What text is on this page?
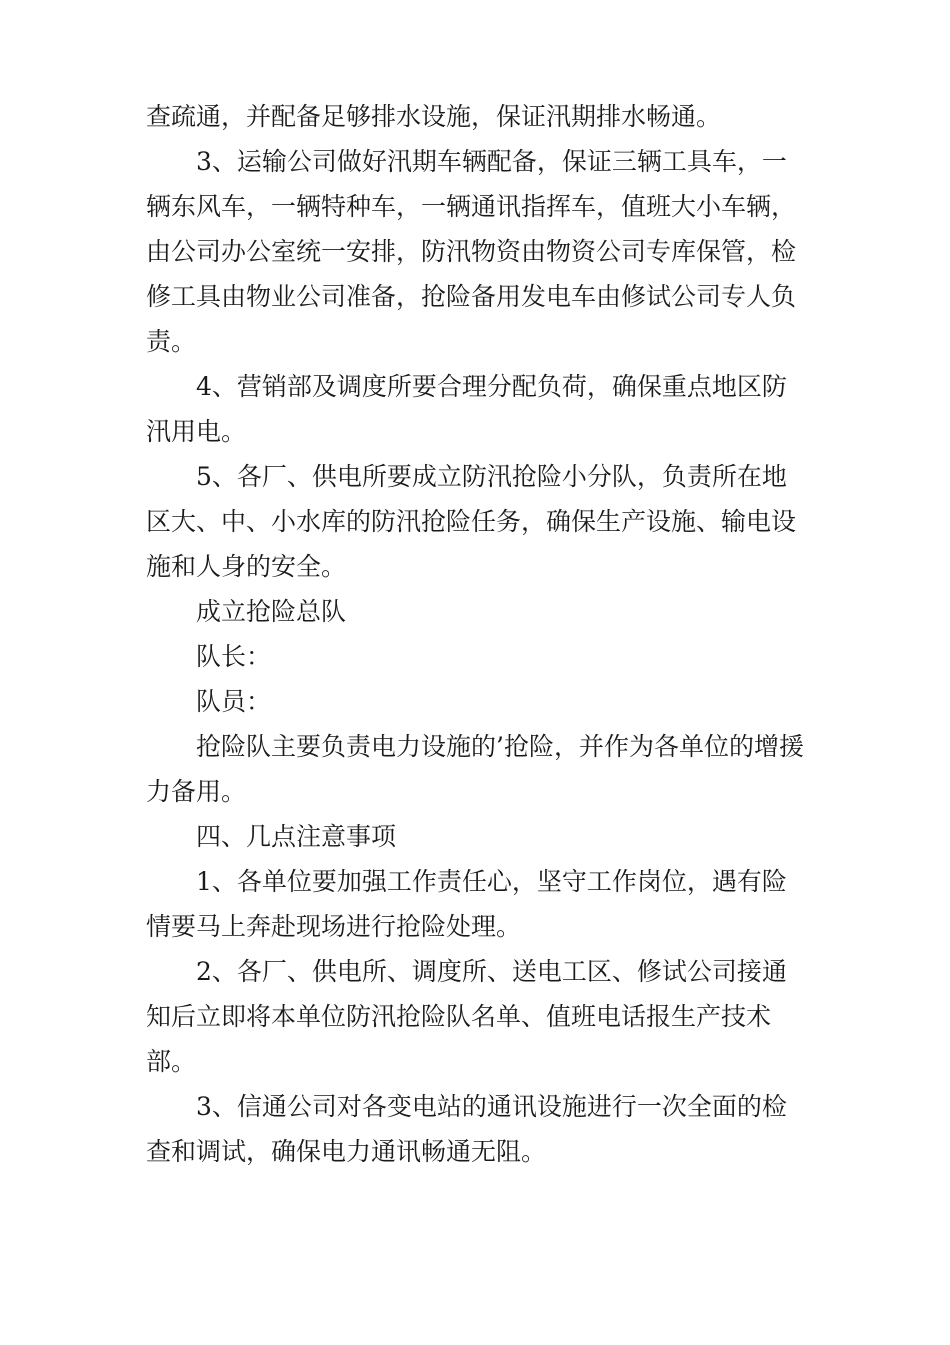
查疏通，并配备足够排水设施，保证汛期排水畅通。

3、运输公司做好汛期车辆配备，保证三辆工具车，一辆东风车，一辆特种车，一辆通讯指挥车，值班大小车辆，由公司办公室统一安排，防汛物资由物资公司专库保管，检修工具由物业公司准备，抢险备用发电车由修试公司专人负责。

4、营销部及调度所要合理分配负荷，确保重点地区防汛用电。

5、各厂、供电所要成立防汛抢险小分队，负责所在地区大、中、小水库的防汛抢险任务，确保生产设施、输电设施和人身的安全。

成立抢险总队

队长：

队员：

抢险队主要负责电力设施的’抢险，并作为各单位的增援力备用。

四、几点注意事项

1、各单位要加强工作责任心，坚守工作岗位，遇有险情要马上奔赴现场进行抢险处理。

2、各厂、供电所、调度所、送电工区、修试公司接通知后立即将本单位防汛抢险队名单、值班电话报生产技术部。

3、信通公司对各变电站的通讯设施进行一次全面的检查和调试，确保电力通讯畅通无阻。
